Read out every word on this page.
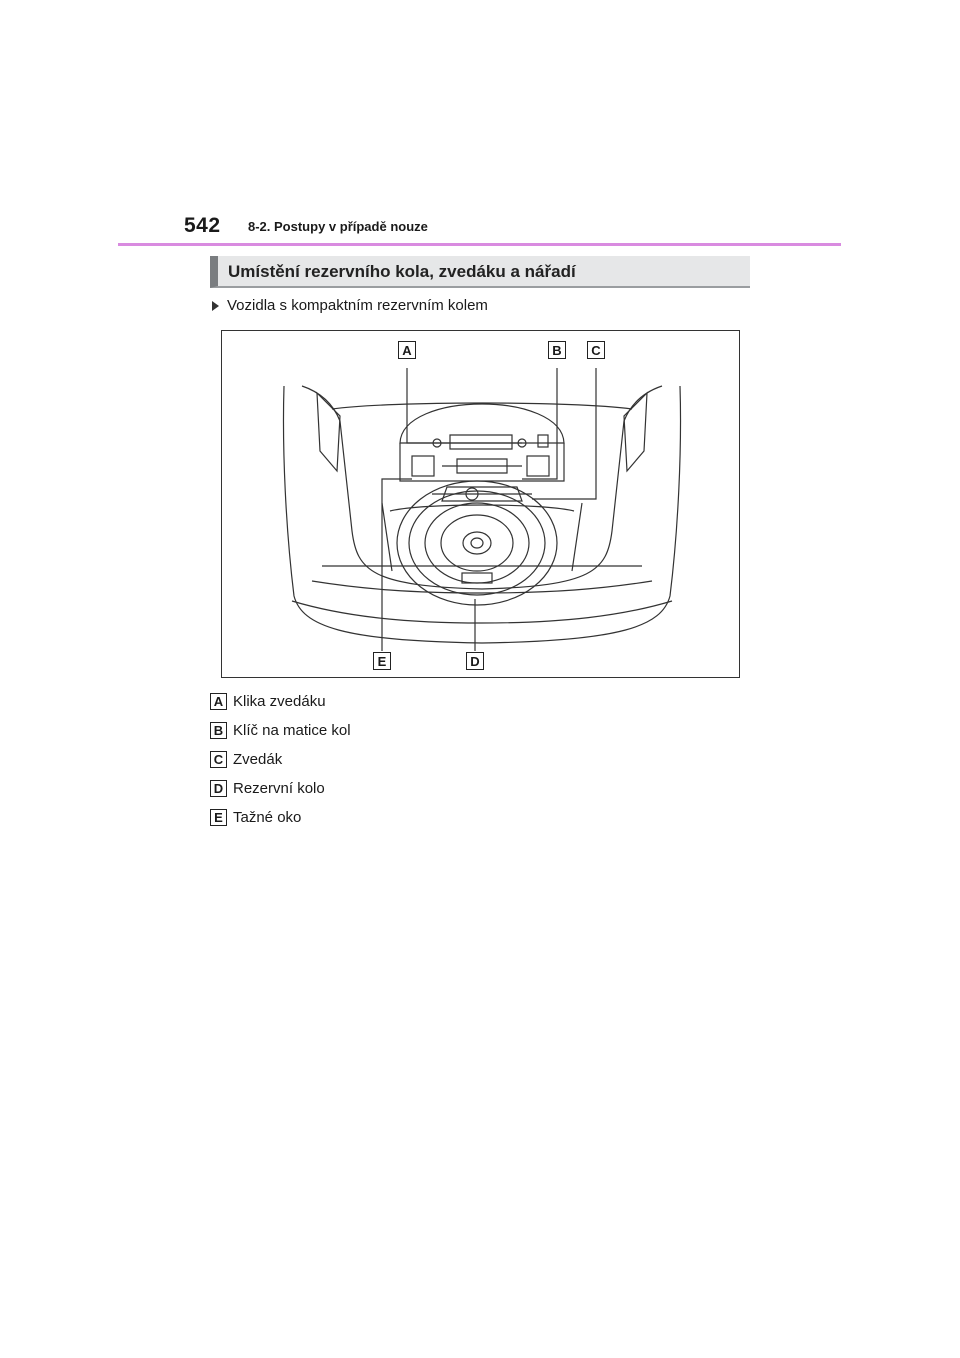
542 8-2. Postupy v případě nouze
Umístění rezervního kola, zvedáku a nářadí
Vozidla s kompaktním rezervním kolem
A	B	C
E	D
A Klika zvedáku
B Klíč na matice kol
C Zvedák
D Rezervní kolo
E Tažné oko
